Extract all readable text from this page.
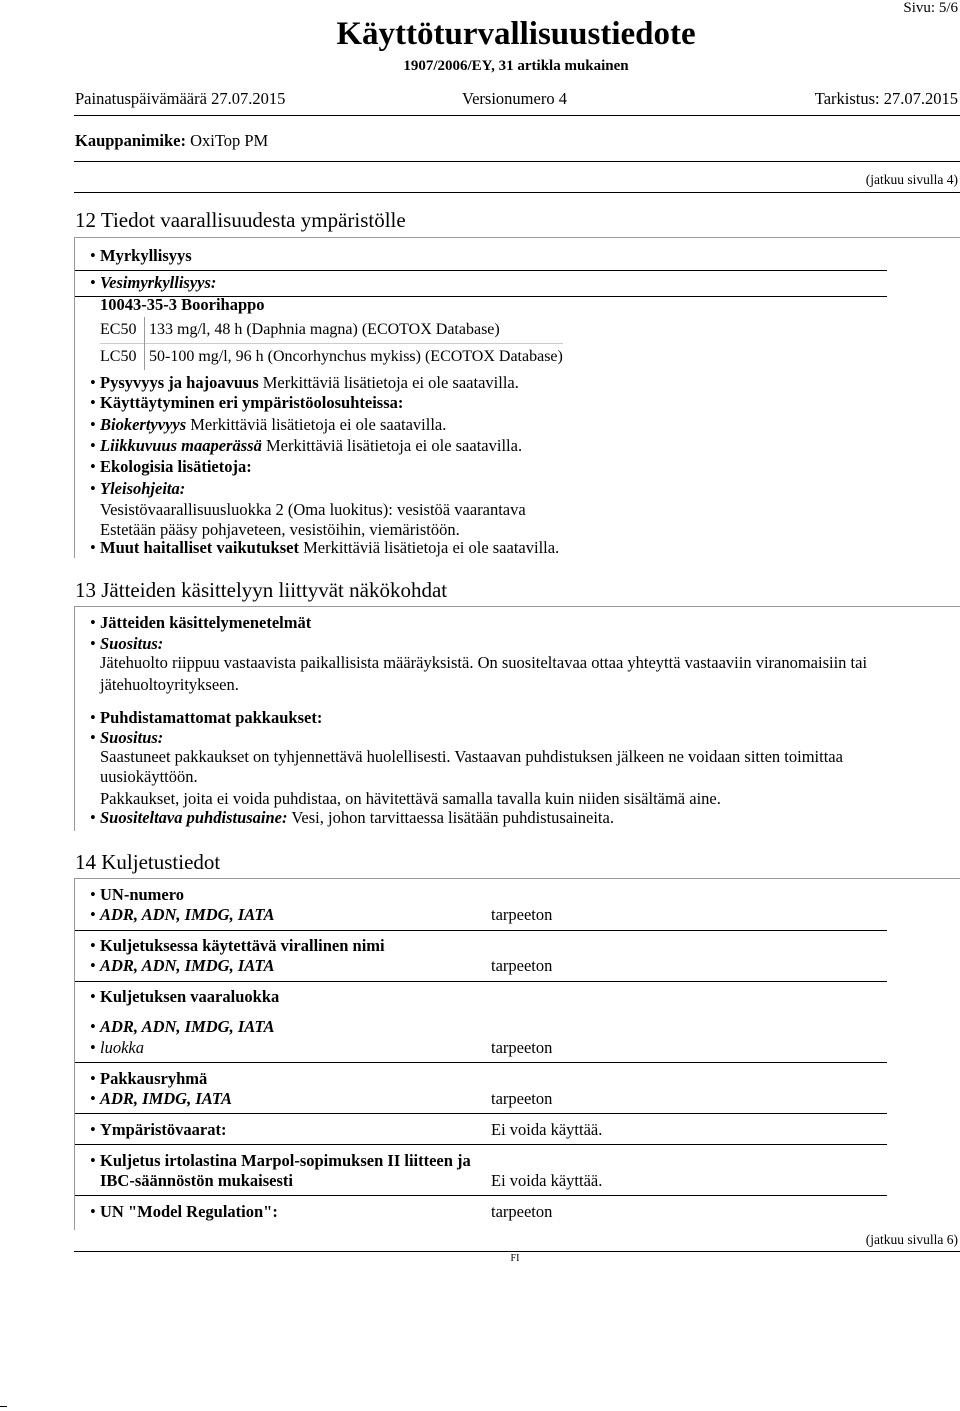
Sivu: 5/6
Käyttöturvallisuustiedote
1907/2006/EY, 31 artikla mukainen
Painatuspäivämäärä 27.07.2015	Versionumero 4	Tarkistus: 27.07.2015
Kauppanimike: OxiTop PM
(jatkuu sivulla 4)
12 Tiedot vaarallisuudesta ympäristölle
• Myrkyllisyys
• Vesimyrkyllisyys:
10043-35-3 Boorihappo
EC50	133 mg/l, 48 h (Daphnia magna) (ECOTOX Database)
LC50	50-100 mg/l, 96 h (Oncorhynchus mykiss) (ECOTOX Database)
• Pysyvyys ja hajoavuus Merkittäviä lisätietoja ei ole saatavilla.
• Käyttäytyminen eri ympäristöolosuhteissa:
• Biokertyvyys Merkittäviä lisätietoja ei ole saatavilla.
• Liikkuvuus maaperässä Merkittäviä lisätietoja ei ole saatavilla.
• Ekologisia lisätietoja:
• Yleisohjeita:
Vesistövaarallisuusluokka 2 (Oma luokitus): vesistöä vaarantava
Estetään pääsy pohjaveteen, vesistöihin, viemäristöön.
• Muut haitalliset vaikutukset Merkittäviä lisätietoja ei ole saatavilla.
13 Jätteiden käsittelyyn liittyvät näkökohdat
• Jätteiden käsittelymenetelmät
• Suositus:
Jätehuolto riippuu vastaavista paikallisista määräyksistä. On suositeltavaa ottaa yhteyttä vastaaviin viranomaisiin tai
jätehuoltoyritykseen.
• Puhdistamattomat pakkaukset:
• Suositus:
Saastuneet pakkaukset on tyhjennettävä huolellisesti. Vastaavan puhdistuksen jälkeen ne voidaan sitten toimittaa
uusiokäyttöön.
Pakkaukset, joita ei voida puhdistaa, on hävitettävä samalla tavalla kuin niiden sisältämä aine.
• Suositeltava puhdistusaine: Vesi, johon tarvittaessa lisätään puhdistusaineita.
14 Kuljetustiedot
• UN-numero
• ADR, ADN, IMDG, IATA	tarpeeton
• Kuljetuksessa käytettävä virallinen nimi
• ADR, ADN, IMDG, IATA	tarpeeton
• Kuljetuksen vaaraluokka
• ADR, ADN, IMDG, IATA
• luokka	tarpeeton
• Pakkausryhmä
• ADR, IMDG, IATA	tarpeeton
• Ympäristövaarat:	Ei voida käyttää.
• Kuljetus irtolastina Marpol-sopimuksen II liitteen ja
IBC-säännöstön mukaisesti	Ei voida käyttää.
• UN "Model Regulation":	tarpeeton
(jatkuu sivulla 6)
FI
